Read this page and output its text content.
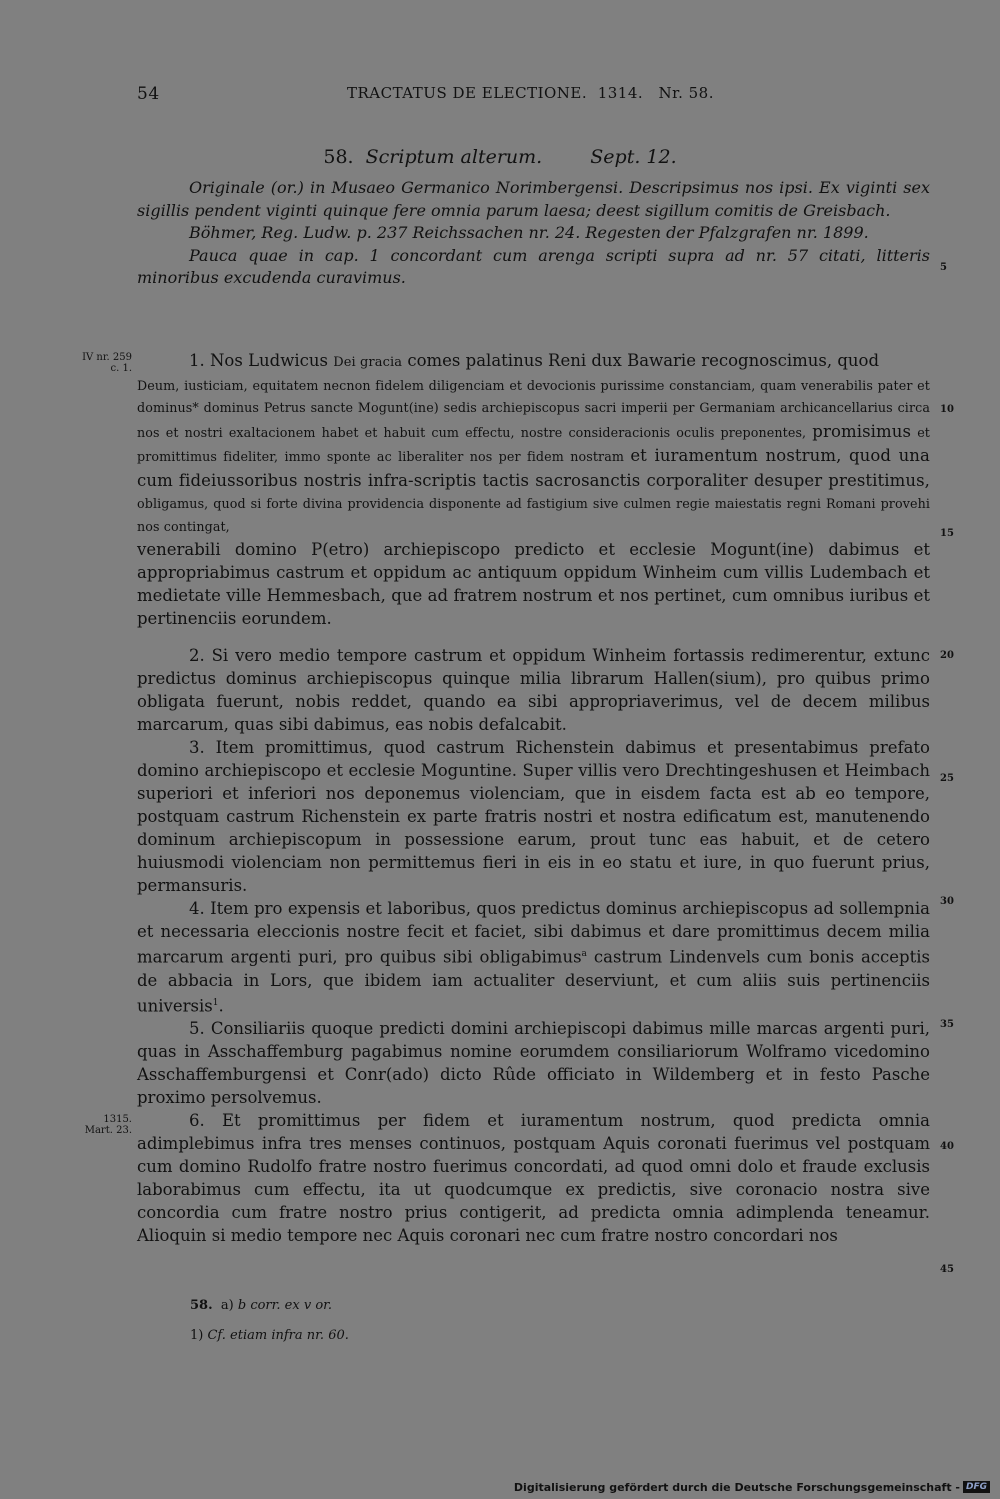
54	TRACTATUS DE ELECTIONE. 1314. Nr. 58.
58. Scriptum alterum.	Sept. 12.

Originale (or.) in Musaeo Germanico Norimbergensi. Descripsimus nos ipsi. Ex viginti sex sigillis pendent viginti quinque fere omnia parum laesa; deest sigillum comitis de Greisbach.

Böhmer, Reg. Ludw. p. 237 Reichssachen nr. 24. Regesten der Pfalzgrafen nr. 1899.

Pauca quae in cap. 1 concordant cum arenga scripti supra ad nr. 57 citati, litteris minoribus excudenda curavimus.

IV nr. 259
c. 1.
1315.
Mart. 23.
5
10
15
20
25
30
35
40
45

1. Nos Ludwicus Dei gracia comes palatinus Reni dux Bawarie recognoscimus, quod

Deum, iusticiam, equitatem necnon fidelem diligenciam et devocionis purissime constanciam, quam venerabilis pater et dominus* dominus Petrus sancte Mogunt(ine) sedis archiepiscopus sacri imperii per Germaniam archicancellarius circa nos et nostri exaltacionem habet et habuit cum effectu, nostre consideracionis oculis preponentes, promisimus et promittimus fideliter, immo sponte ac liberaliter nos per fidem nostram et iuramentum nostrum, quod una cum fideiussoribus nostris infra-scriptis tactis sacrosanctis corporaliter desuper prestitimus, obligamus, quod si forte divina providencia disponente ad fastigium sive culmen regie maiestatis regni Romani provehi nos contingat,

venerabili domino P(etro) archiepiscopo predicto et ecclesie Mogunt(ine) dabimus et appropriabimus castrum et oppidum ac antiquum oppidum Winheim cum villis Ludembach et medietate ville Hemmesbach, que ad fratrem nostrum et nos pertinet, cum omnibus iuribus et pertinenciis eorundem.

2. Si vero medio tempore castrum et oppidum Winheim fortassis redimerentur, extunc predictus dominus archiepiscopus quinque milia librarum Hallen(sium), pro quibus primo obligata fuerunt, nobis reddet, quando ea sibi appropriaverimus, vel de decem milibus marcarum, quas sibi dabimus, eas nobis defalcabit.

3. Item promittimus, quod castrum Richenstein dabimus et presentabimus prefato domino archiepiscopo et ecclesie Moguntine. Super villis vero Drechtingeshusen et Heimbach superiori et inferiori nos deponemus violenciam, que in eisdem facta est ab eo tempore, postquam castrum Richenstein ex parte fratris nostri et nostra edificatum est, manutenendo dominum archiepiscopum in possessione earum, prout tunc eas habuit, et de cetero huiusmodi violenciam non permittemus fieri in eis in eo statu et iure, in quo fuerunt prius, permansuris.

4. Item pro expensis et laboribus, quos predictus dominus archiepiscopus ad sollempnia et necessaria eleccionis nostre fecit et faciet, sibi dabimus et dare promittimus decem milia marcarum argenti puri, pro quibus sibi obligabimus$^a$ castrum Lindenvels cum bonis acceptis de abbacia in Lors, que ibidem iam actualiter deserviunt, et cum aliis suis pertinenciis universis$^1$.

5. Consiliariis quoque predicti domini archiepiscopi dabimus mille marcas argenti puri, quas in Asschaffemburg pagabimus nomine eorumdem consiliariorum Wolframo vicedomino Asschaffemburgensi et Conr(ado) dicto Rûde officiato in Wildemberg et in festo Pasche proximo persolvemus.

6. Et promittimus per fidem et iuramentum nostrum, quod predicta omnia adimplebimus infra tres menses continuos, postquam Aquis coronati fuerimus vel postquam cum domino Rudolfo fratre nostro fuerimus concordati, ad quod omni dolo et fraude exclusis laborabimus cum effectu, ita ut quodcumque ex predictis, sive coronacio nostra sive concordia cum fratre nostro prius contigerit, ad predicta omnia adimplenda teneamur. Alioquin si medio tempore nec Aquis coronari nec cum fratre nostro concordari nos

58. a) b corr. ex v or.
1) Cf. etiam infra nr. 60.
Digitalisierung gefördert durch die Deutsche Forschungsgemeinschaft - DFG
